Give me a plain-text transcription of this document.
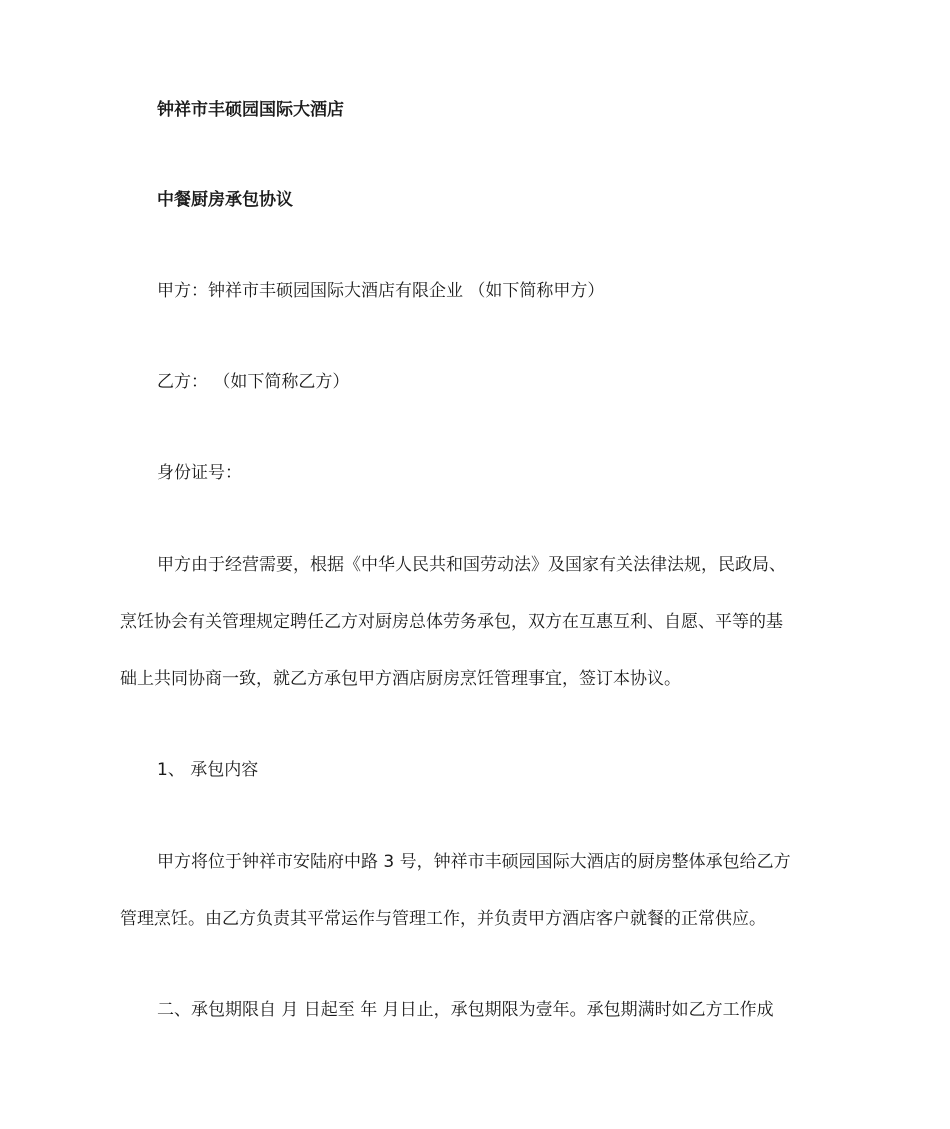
钟祥市丰硕园国际大酒店
中餐厨房承包协议
甲方：钟祥市丰硕园国际大酒店有限企业 （如下简称甲方）
乙方： （如下简称乙方）
身份证号：
甲方由于经营需要，根据《中华人民共和国劳动法》及国家有关法律法规，民政局、
烹饪协会有关管理规定聘任乙方对厨房总体劳务承包，双方在互惠互利、自愿、平等的基
础上共同协商一致，就乙方承包甲方酒店厨房烹饪管理事宜，签订本协议。
1、 承包内容
甲方将位于钟祥市安陆府中路 3 号，钟祥市丰硕园国际大酒店的厨房整体承包给乙方
管理烹饪。由乙方负责其平常运作与管理工作，并负责甲方酒店客户就餐的正常供应。
二、承包期限自 月 日起至 年 月日止，承包期限为壹年。承包期满时如乙方工作成
